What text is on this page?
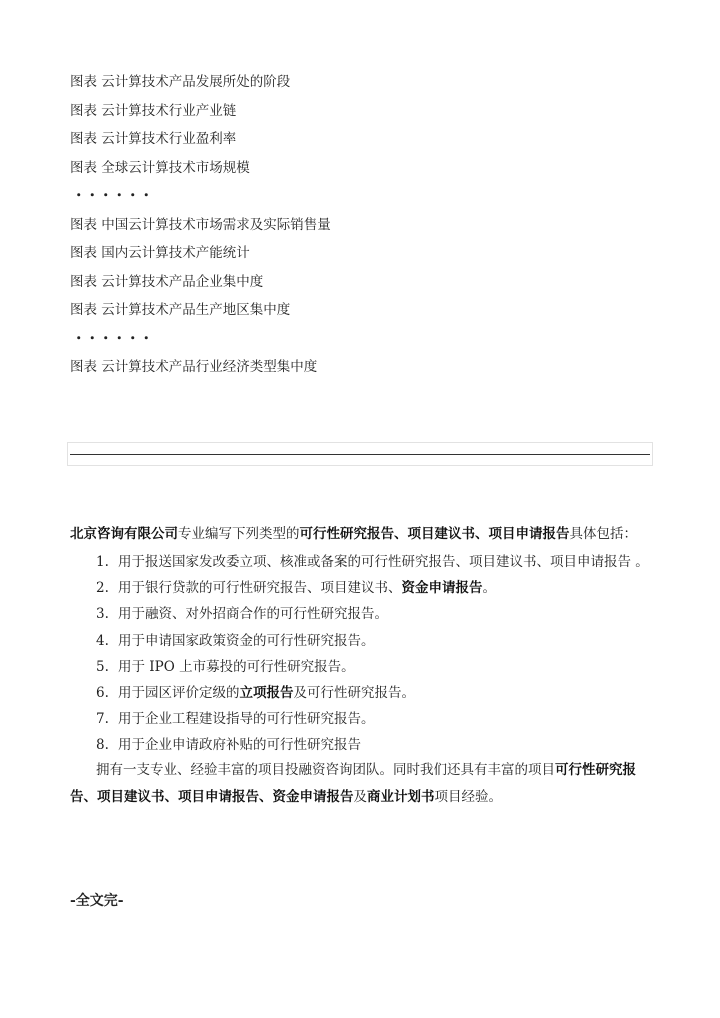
图表 云计算技术产品发展所处的阶段
图表 云计算技术行业产业链
图表 云计算技术行业盈利率
图表 全球云计算技术市场规模
・・・・・・
图表 中国云计算技术市场需求及实际销售量
图表 国内云计算技术产能统计
图表 云计算技术产品企业集中度
图表 云计算技术产品生产地区集中度
・・・・・・
图表 云计算技术产品行业经济类型集中度
北京咨询有限公司专业编写下列类型的可行性研究报告、项目建议书、项目申请报告具体包括：
1. 用于报送国家发改委立项、核准或备案的可行性研究报告、项目建议书、项目申请报告 。
2. 用于银行贷款的可行性研究报告、项目建议书、资金申请报告。
3. 用于融资、对外招商合作的可行性研究报告。
4. 用于申请国家政策资金的可行性研究报告。
5. 用于 IPO 上市募投的可行性研究报告。
6. 用于园区评价定级的立项报告及可行性研究报告。
7. 用于企业工程建设指导的可行性研究报告。
8. 用于企业申请政府补贴的可行性研究报告
拥有一支专业、经验丰富的项目投融资咨询团队。同时我们还具有丰富的项目可行性研究报告、项目建议书、项目申请报告、资金申请报告及商业计划书项目经验。
-全文完-
